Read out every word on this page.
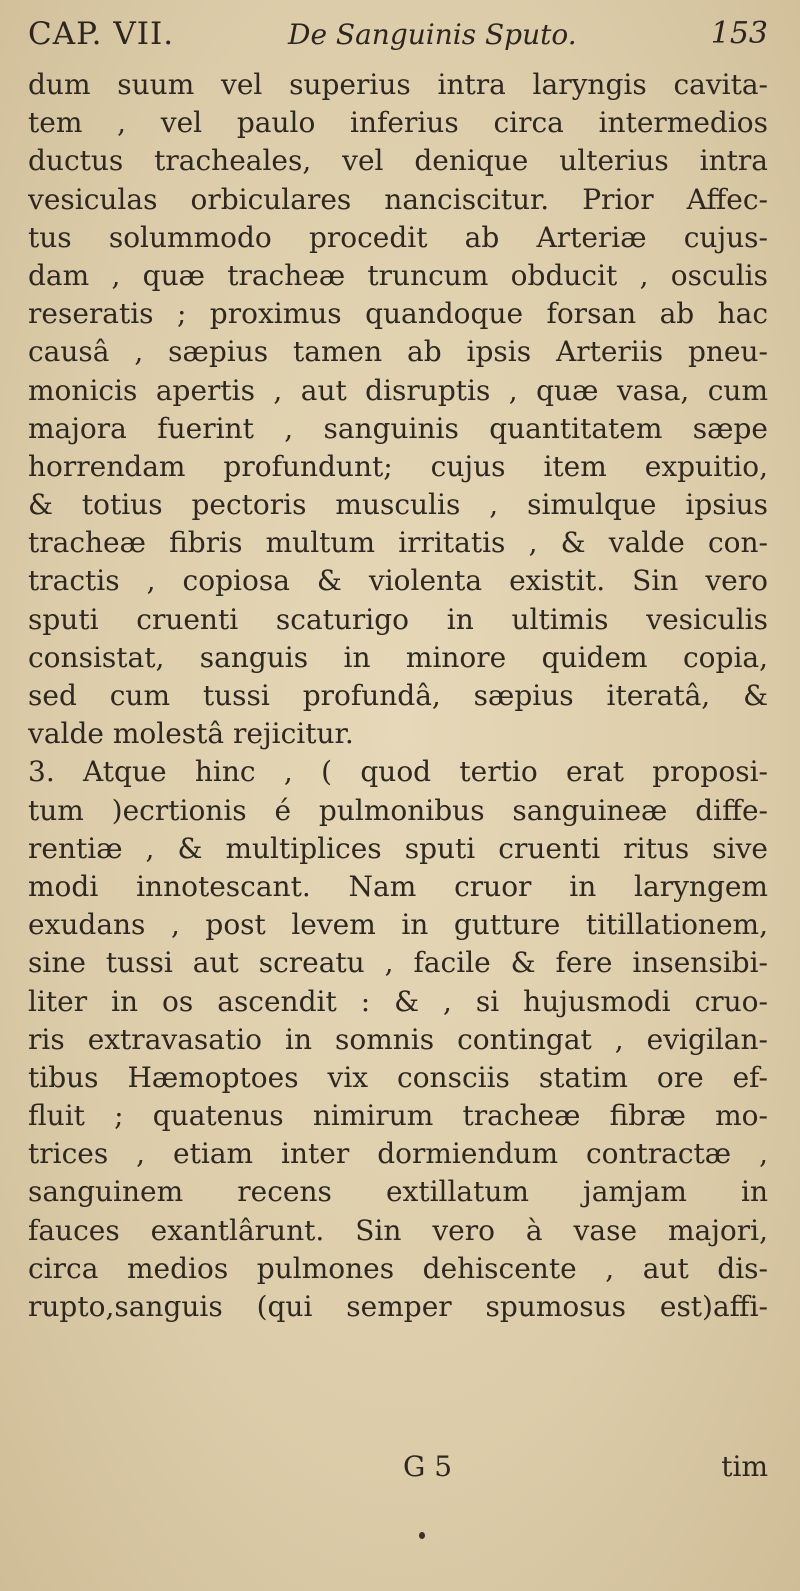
CAP. VII.	De Sanguinis Sputo.	153
dum suum vel superius intra laryngis cavita-
tem , vel paulo inferius circa intermedios
ductus tracheales, vel denique ulterius intra
vesiculas orbiculares nanciscitur. Prior Affec-
tus solummodo procedit ab Arteriæ cujus-
dam , quæ tracheæ truncum obducit , osculis
reseratis ; proximus quandoque forsan ab hac
causâ , sæpius tamen ab ipsis Arteriis pneu-
monicis apertis , aut disruptis , quæ vasa, cum
majora fuerint , sanguinis quantitatem sæpe
horrendam profundunt; cujus item expuitio,
& totius pectoris musculis , simulque ipsius
tracheæ fibris multum irritatis , & valde con-
tractis , copiosa & violenta existit. Sin vero
sputi cruenti scaturigo in ultimis vesiculis
consistat, sanguis in minore quidem copia,
sed cum tussi profundâ, sæpius iteratâ, &
valde molestâ rejicitur.
3. Atque hinc , ( quod tertio erat proposi-
tum )ecrtionis é pulmonibus sanguineæ diffe-
rentiæ , & multiplices sputi cruenti ritus sive
modi innotescant. Nam cruor in laryngem
exudans , post levem in gutture titillationem,
sine tussi aut screatu , facile & fere insensibi-
liter in os ascendit : & , si hujusmodi cruo-
ris extravasatio in somnis contingat , evigilan-
tibus Hæmoptoes vix consciis statim ore ef-
fluit ; quatenus nimirum tracheæ fibræ mo-
trices , etiam inter dormiendum contractæ ,
sanguinem recens extillatum jamjam in
fauces exantlârunt. Sin vero à vase majori,
circa medios pulmones dehiscente , aut dis-
rupto,sanguis (qui semper spumosus est)affi-
G 5	tim
